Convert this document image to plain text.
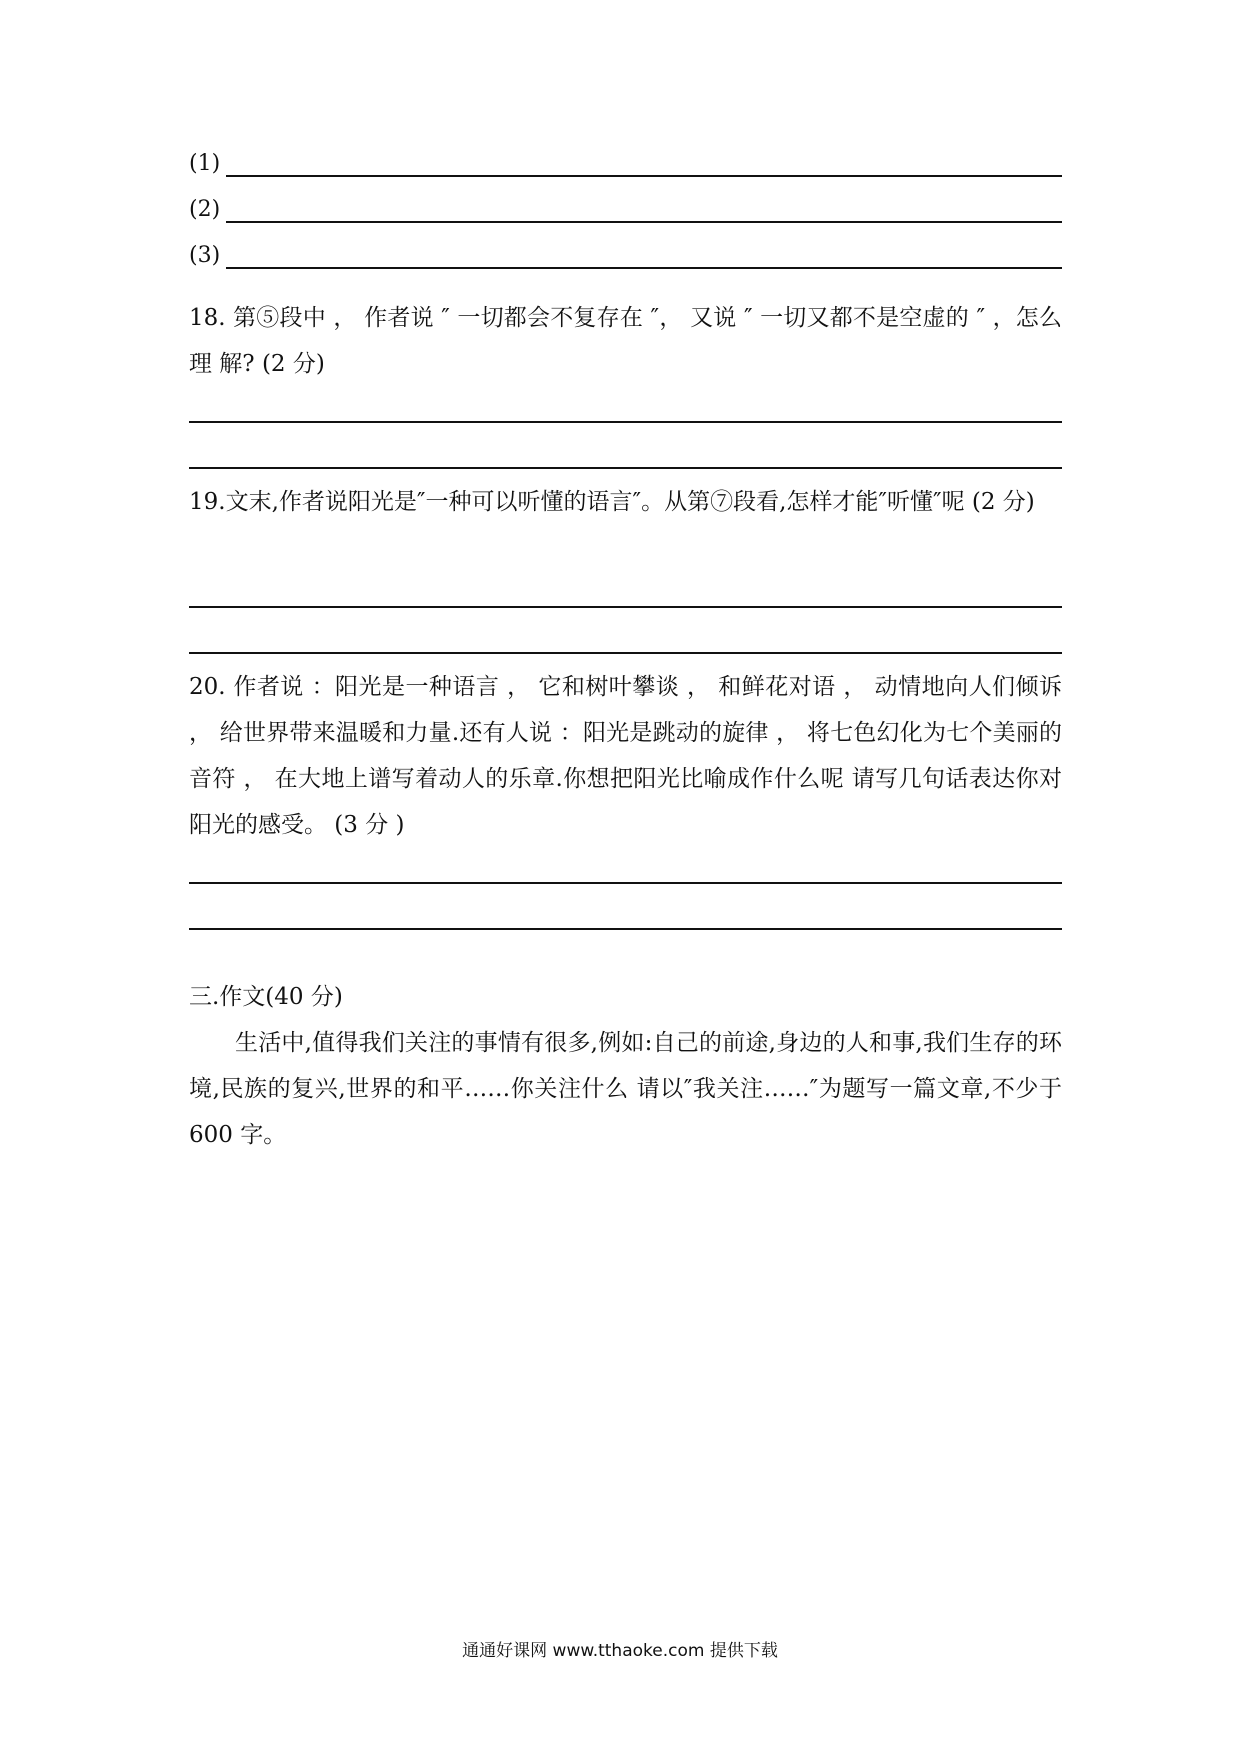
(1)
(2)
(3)
18. 第⑤段中 ， 作者说 ″ 一切都会不复存在 ″， 又说 ″ 一切又都不是空虚的 ″ ，怎么理 解? (2 分)
19.文末,作者说阳光是″一种可以听懂的语言″。从第⑦段看,怎样才能″听懂″呢 (2 分)
20. 作者说 ：阳光是一种语言 ， 它和树叶攀谈 ， 和鲜花对语 ， 动情地向人们倾诉 ， 给世界带来温暖和力量.还有人说 ：阳光是跳动的旋律 ， 将七色幻化为七个美丽的音符 ， 在大地上谱写着动人的乐章.你想把阳光比喻成作什么呢 请写几句话表达你对阳光的感受。 (3 分 )
三.作文(40 分)
生活中,值得我们关注的事情有很多,例如:自己的前途,身边的人和事,我们生存的环境,民族的复兴,世界的和平……你关注什么 请以″我关注……″为题写一篇文章,不少于 600 字。
通通好课网 www.tthaoke.com 提供下载
